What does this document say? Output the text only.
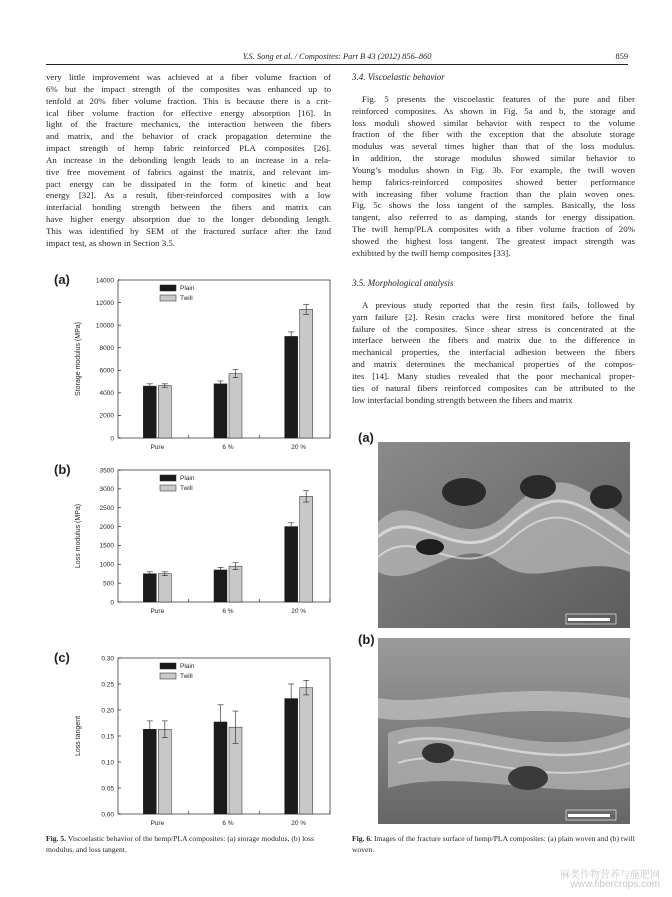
Y.S. Song et al. / Composites: Part B 43 (2012) 856–860	859

very little improvement was achieved at a fiber volume fraction of

6% but the impact strength of the composites was enhanced up to

tenfold at 20% fiber volume fraction. This is because there is a crit-

ical fiber volume fraction for effective energy absorption [16]. In

light of the fracture mechanics, the interaction between the fibers

and matrix, and the behavior of crack propagation determine the

impact strength of hemp fabric reinforced PLA composites [26].

An increase in the debonding length leads to an increase in a rela-

tive free movement of fabrics against the matrix, and relevant im-

pact energy can be dissipated in the form of kinetic and heat

energy [32]. As a result, fiber-reinforced composites with a low

interfacial bonding strength between the fibers and matrix can

have higher energy absorption due to the longer debonding length.

This was identified by SEM of the fractured surface after the Izod

impact test, as shown in Section 3.5.

3.4. Viscoelastic behavior

Fig. 5 presents the viscoelastic features of the pure and fiber

reinforced composites. As shown in Fig. 5a and b, the storage and

loss moduli showed similar behavior with respect to the volume

fraction of the fiber with the exception that the absolute storage

modulus was several times higher than that of the loss modulus.

In addition, the storage modulus showed similar behavior to

Young’s modulus shown in Fig. 3b. For example, the twill woven

hemp fabrics-reinforced composites showed better performance

with increasing fiber volume fraction than the plain woven ones.

Fig. 5c shows the loss tangent of the samples. Basically, the loss

tangent, also referred to as damping, stands for energy dissipation.

The twill hemp/PLA composites with a fiber volume fraction of 20%

showed the highest loss tangent. The greatest impact strength was

exhibited by the twill hemp composites [33].

3.5. Morphological analysis

A previous study reported that the resin first fails, followed by

yarn failure [2]. Resin cracks were first monitored before the final

failure of the composites. Since shear stress is concentrated at the

interface between the fibers and matrix due to the difference in

mechanical properties, the interfacial adhesion between the fibers

and matrix determines the mechanical properties of the compos-

ites [14]. Many studies revealed that the poor mechanical proper-

ties of natural fibers reinforced composites can be attributed to the

low interfacial bonding strength between the fibers and matrix

(a)
0
2000
4000
6000
8000
10000
12000
14000
Storage modulus (MPa)
Pure	6 %	20 %
Plain
Twill
(b)
0
500
1000
1500
2000
2500
3000
3500
Loss modulus (MPa)
Pure	6 %	20 %
Plain
Twill
(c)
0.00
0.05
0.10
0.15
0.20
0.25
0.30
Loss tangent
Pure	6 %	20 %
Plain
Twill
Fig. 5. Viscoelastic behavior of the hemp/PLA composites: (a) storage modulus, (b) loss modulus, and loss tangent.
(a)
200 um
(b)
200 um
Fig. 6. Images of the fracture surface of hemp/PLA composites: (a) plain woven and (b) twill woven.
麻类作物营养与施肥网
www.fibercrops.com
